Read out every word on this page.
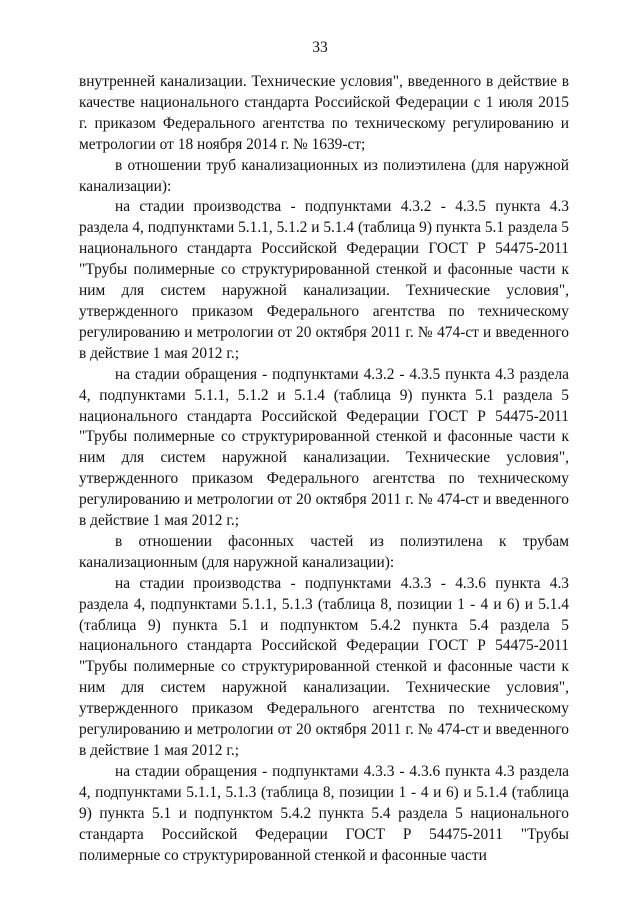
33

внутренней канализации. Технические условия", введенного в действие в качестве национального стандарта Российской Федерации с 1 июля 2015 г. приказом Федерального агентства по техническому регулированию и метрологии от 18 ноября 2014 г. № 1639-ст;

в отношении труб канализационных из полиэтилена (для наружной канализации):

на стадии производства - подпунктами 4.3.2 - 4.3.5 пункта 4.3 раздела 4, подпунктами 5.1.1, 5.1.2 и 5.1.4 (таблица 9) пункта 5.1 раздела 5 национального стандарта Российской Федерации ГОСТ Р 54475-2011 "Трубы полимерные со структурированной стенкой и фасонные части к ним для систем наружной канализации. Технические условия", утвержденного приказом Федерального агентства по техническому регулированию и метрологии от 20 октября 2011 г. № 474-ст и введенного в действие 1 мая 2012 г.;

на стадии обращения - подпунктами 4.3.2 - 4.3.5 пункта 4.3 раздела 4, подпунктами 5.1.1, 5.1.2 и 5.1.4 (таблица 9) пункта 5.1 раздела 5 национального стандарта Российской Федерации ГОСТ Р 54475-2011 "Трубы полимерные со структурированной стенкой и фасонные части к ним для систем наружной канализации. Технические условия", утвержденного приказом Федерального агентства по техническому регулированию и метрологии от 20 октября 2011 г. № 474-ст и введенного в действие 1 мая 2012 г.;

в отношении фасонных частей из полиэтилена к трубам канализационным (для наружной канализации):

на стадии производства - подпунктами 4.3.3 - 4.3.6 пункта 4.3 раздела 4, подпунктами 5.1.1, 5.1.3 (таблица 8, позиции 1 - 4 и 6) и 5.1.4 (таблица 9) пункта 5.1 и подпунктом 5.4.2 пункта 5.4 раздела 5 национального стандарта Российской Федерации ГОСТ Р 54475-2011 "Трубы полимерные со структурированной стенкой и фасонные части к ним для систем наружной канализации. Технические условия", утвержденного приказом Федерального агентства по техническому регулированию и метрологии от 20 октября 2011 г. № 474-ст и введенного в действие 1 мая 2012 г.;

на стадии обращения - подпунктами 4.3.3 - 4.3.6 пункта 4.3 раздела 4, подпунктами 5.1.1, 5.1.3 (таблица 8, позиции 1 - 4 и 6) и 5.1.4 (таблица 9) пункта 5.1 и подпунктом 5.4.2 пункта 5.4 раздела 5 национального стандарта Российской Федерации ГОСТ Р 54475-2011 "Трубы полимерные со структурированной стенкой и фасонные части
